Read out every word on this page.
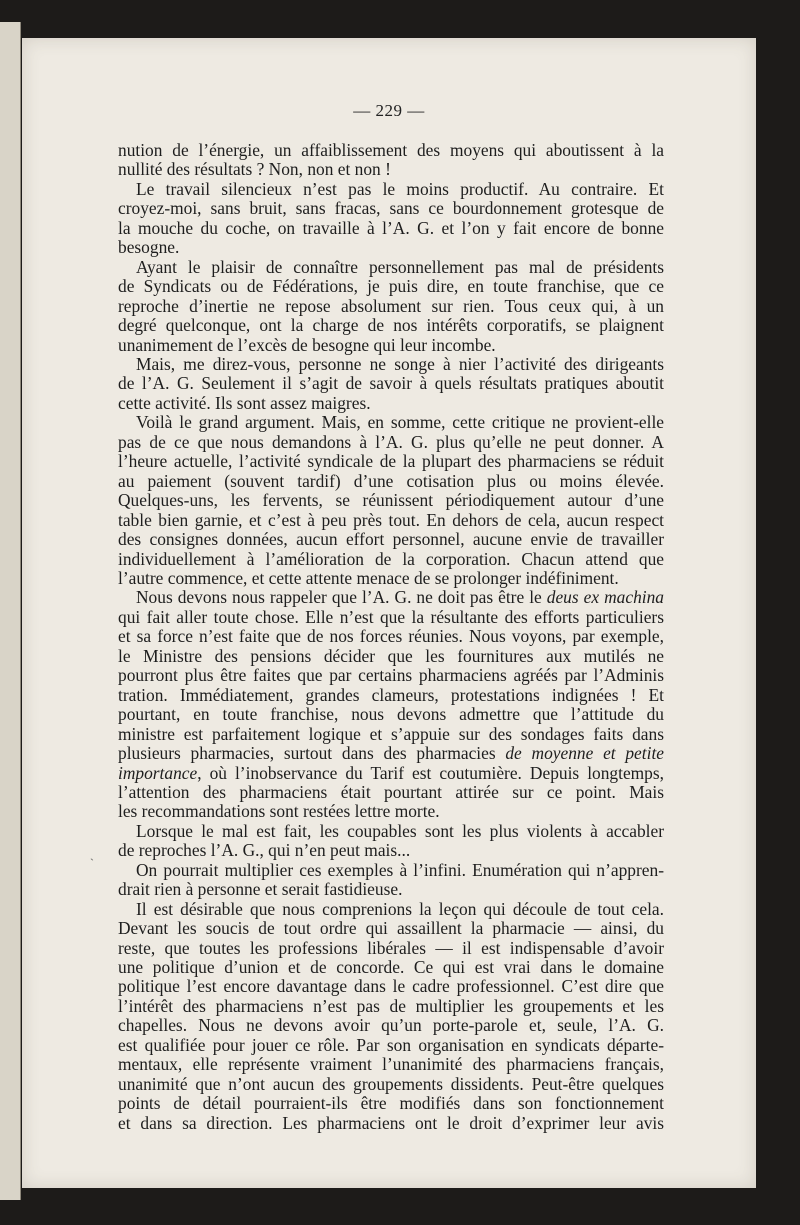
— 229 —
nution de l’énergie, un affaiblissement des moyens qui aboutissent à la
nullité des résultats ? Non, non et non !
Le travail silencieux n’est pas le moins productif. Au contraire. Et
croyez-moi, sans bruit, sans fracas, sans ce bourdonnement grotesque de
la mouche du coche, on travaille à l’A. G. et l’on y fait encore de bonne
besogne.
Ayant le plaisir de connaître personnellement pas mal de présidents
de Syndicats ou de Fédérations, je puis dire, en toute franchise, que ce
reproche d’inertie ne repose absolument sur rien. Tous ceux qui, à un
degré quelconque, ont la charge de nos intérêts corporatifs, se plaignent
unanimement de l’excès de besogne qui leur incombe.
Mais, me direz-vous, personne ne songe à nier l’activité des dirigeants
de l’A. G. Seulement il s’agit de savoir à quels résultats pratiques aboutit
cette activité. Ils sont assez maigres.
Voilà le grand argument. Mais, en somme, cette critique ne provient-elle
pas de ce que nous demandons à l’A. G. plus qu’elle ne peut donner. A
l’heure actuelle, l’activité syndicale de la plupart des pharmaciens se réduit
au paiement (souvent tardif) d’une cotisation plus ou moins élevée.
Quelques-uns, les fervents, se réunissent périodiquement autour d’une
table bien garnie, et c’est à peu près tout. En dehors de cela, aucun respect
des consignes données, aucun effort personnel, aucune envie de travailler
individuellement à l’amélioration de la corporation. Chacun attend que
l’autre commence, et cette attente menace de se prolonger indéfiniment.
Nous devons nous rappeler que l’A. G. ne doit pas être le deus ex machina
qui fait aller toute chose. Elle n’est que la résultante des efforts particuliers
et sa force n’est faite que de nos forces réunies. Nous voyons, par exemple,
le Ministre des pensions décider que les fournitures aux mutilés ne
pourront plus être faites que par certains pharmaciens agréés par l’Adminis
tration. Immédiatement, grandes clameurs, protestations indignées ! Et
pourtant, en toute franchise, nous devons admettre que l’attitude du
ministre est parfaitement logique et s’appuie sur des sondages faits dans
plusieurs pharmacies, surtout dans des pharmacies de moyenne et petite
importance, où l’inobservance du Tarif est coutumière. Depuis longtemps,
l’attention des pharmaciens était pourtant attirée sur ce point. Mais
les recommandations sont restées lettre morte.
Lorsque le mal est fait, les coupables sont les plus violents à accabler
de reproches l’A. G., qui n’en peut mais...
On pourrait multiplier ces exemples à l’infini. Enumération qui n’appren-
drait rien à personne et serait fastidieuse.
Il est désirable que nous comprenions la leçon qui découle de tout cela.
Devant les soucis de tout ordre qui assaillent la pharmacie — ainsi, du
reste, que toutes les professions libérales — il est indispensable d’avoir
une politique d’union et de concorde. Ce qui est vrai dans le domaine
politique l’est encore davantage dans le cadre professionnel. C’est dire que
l’intérêt des pharmaciens n’est pas de multiplier les groupements et les
chapelles. Nous ne devons avoir qu’un porte-parole et, seule, l’A. G.
est qualifiée pour jouer ce rôle. Par son organisation en syndicats départe-
mentaux, elle représente vraiment l’unanimité des pharmaciens français,
unanimité que n’ont aucun des groupements dissidents. Peut-être quelques
points de détail pourraient-ils être modifiés dans son fonctionnement
et dans sa direction. Les pharmaciens ont le droit d’exprimer leur avis
`
